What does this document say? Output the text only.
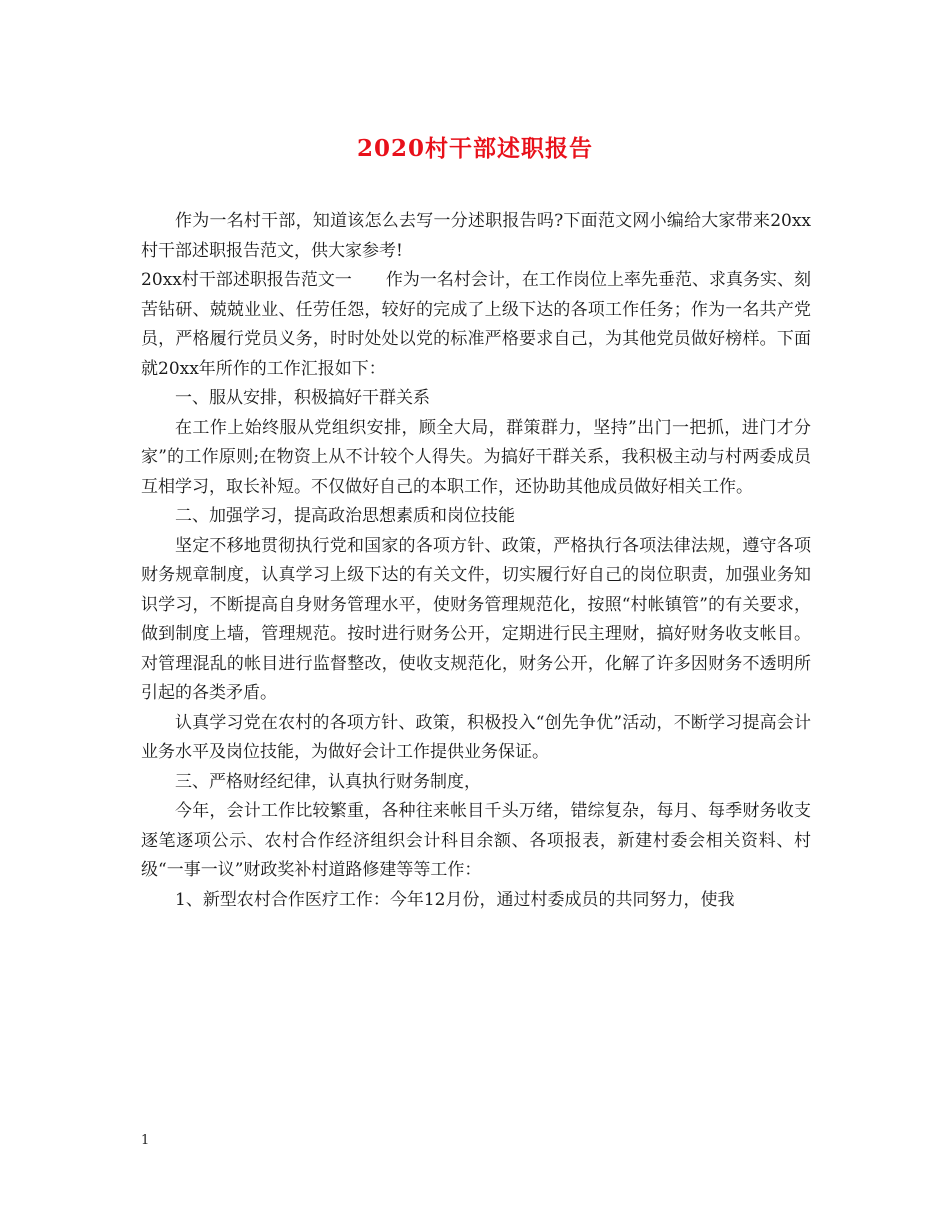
2020村干部述职报告

作为一名村干部，知道该怎么去写一分述职报告吗?下面范文网小编给大家带来20xx村干部述职报告范文，供大家参考!

20xx村干部述职报告范文一 作为一名村会计，在工作岗位上率先垂范、求真务实、刻苦钻研、兢兢业业、任劳任怨，较好的完成了上级下达的各项工作任务；作为一名共产党员，严格履行党员义务，时时处处以党的标准严格要求自己，为其他党员做好榜样。下面就20xx年所作的工作汇报如下：

一、服从安排，积极搞好干群关系

在工作上始终服从党组织安排，顾全大局，群策群力，坚持”出门一把抓，进门才分家”的工作原则;在物资上从不计较个人得失。为搞好干群关系，我积极主动与村两委成员互相学习，取长补短。不仅做好自己的本职工作，还协助其他成员做好相关工作。

二、加强学习，提高政治思想素质和岗位技能

坚定不移地贯彻执行党和国家的各项方针、政策，严格执行各项法律法规，遵守各项财务规章制度，认真学习上级下达的有关文件，切实履行好自己的岗位职责，加强业务知识学习，不断提高自身财务管理水平，使财务管理规范化，按照“村帐镇管”的有关要求，做到制度上墙，管理规范。按时进行财务公开，定期进行民主理财，搞好财务收支帐目。对管理混乱的帐目进行监督整改，使收支规范化，财务公开，化解了许多因财务不透明所引起的各类矛盾。

认真学习党在农村的各项方针、政策，积极投入“创先争优”活动，不断学习提高会计业务水平及岗位技能，为做好会计工作提供业务保证。

三、严格财经纪律，认真执行财务制度，

今年，会计工作比较繁重，各种往来帐目千头万绪，错综复杂，每月、每季财务收支逐笔逐项公示、农村合作经济组织会计科目余额、各项报表，新建村委会相关资料、村级“一事一议”财政奖补村道路修建等等工作：

1、新型农村合作医疗工作：今年12月份，通过村委成员的共同努力，使我

1
